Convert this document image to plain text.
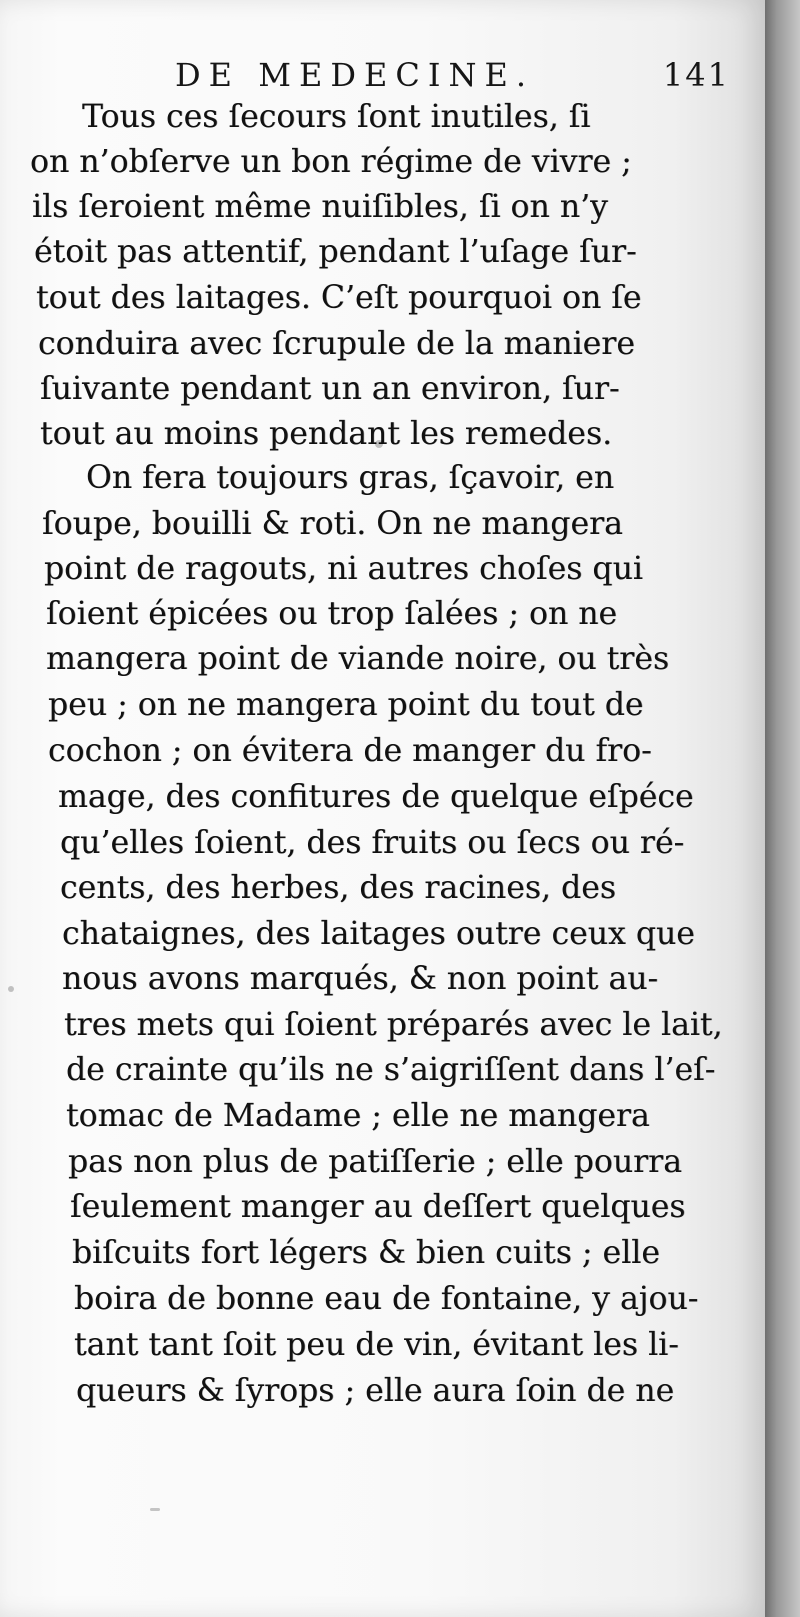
DE MEDECINE.	141
Tous ces ſecours ſont inutiles, ſi
on n’obſerve un bon régime de vivre ;
ils ſeroient même nuiſibles, ſi on n’y
étoit pas attentif, pendant l’uſage ſur-
tout des laitages. C’eſt pourquoi on ſe
conduira avec ſcrupule de la maniere
ſuivante pendant un an environ, ſur-
tout au moins pendant les remedes.
On fera toujours gras, ſçavoir, en
ſoupe, bouilli & roti. On ne mangera
point de ragouts, ni autres choſes qui
ſoient épicées ou trop ſalées ; on ne
mangera point de viande noire, ou très
peu ; on ne mangera point du tout de
cochon ; on évitera de manger du fro-
mage, des confitures de quelque eſpéce
qu’elles ſoient, des fruits ou ſecs ou ré-
cents, des herbes, des racines, des
chataignes, des laitages outre ceux que
nous avons marqués, & non point au-
tres mets qui ſoient préparés avec le lait,
de crainte qu’ils ne s’aigriſſent dans l’eſ-
tomac de Madame ; elle ne mangera
pas non plus de patiſſerie ; elle pourra
ſeulement manger au deſſert quelques
biſcuits fort légers & bien cuits ; elle
boira de bonne eau de fontaine, y ajou-
tant tant ſoit peu de vin, évitant les li-
queurs & ſyrops ; elle aura ſoin de ne
